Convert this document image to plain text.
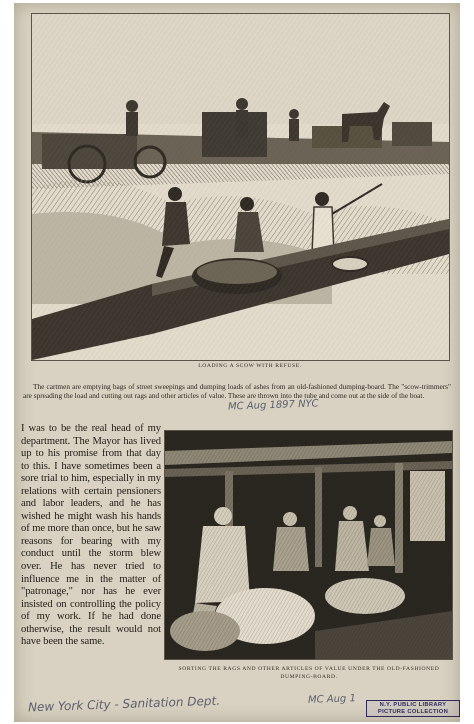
LOADING A SCOW WITH REFUSE.

The cartmen are emptying bags of street sweepings and dumping loads of ashes from an old-fashioned dumping-board. The "scow-trimmers" are spreading the load and cutting out rags and other articles of value. These are thrown into the tube and come out at the side of the boat.

MC Aug 1897 NYC
I was to be the real head of my department. The Mayor has lived up to his promise from that day to this. I have sometimes been a sore trial to him, especially in my relations with certain pensioners and labor leaders, and he has wished he might wash his hands of me more than once, but he saw reasons for bearing with my conduct until the storm blew over. He has never tried to influence me in the matter of "patronage," nor has he ever insisted on controlling the policy of my work. If he had done otherwise, the result would not have been the same.
SORTING THE RAGS AND OTHER ARTICLES OF VALUE UNDER THE OLD-FASHIONED DUMPING-BOARD.
New York City - Sanitation Dept.	MC Aug 1	N.Y. PUBLIC LIBRARY
PICTURE COLLECTION
